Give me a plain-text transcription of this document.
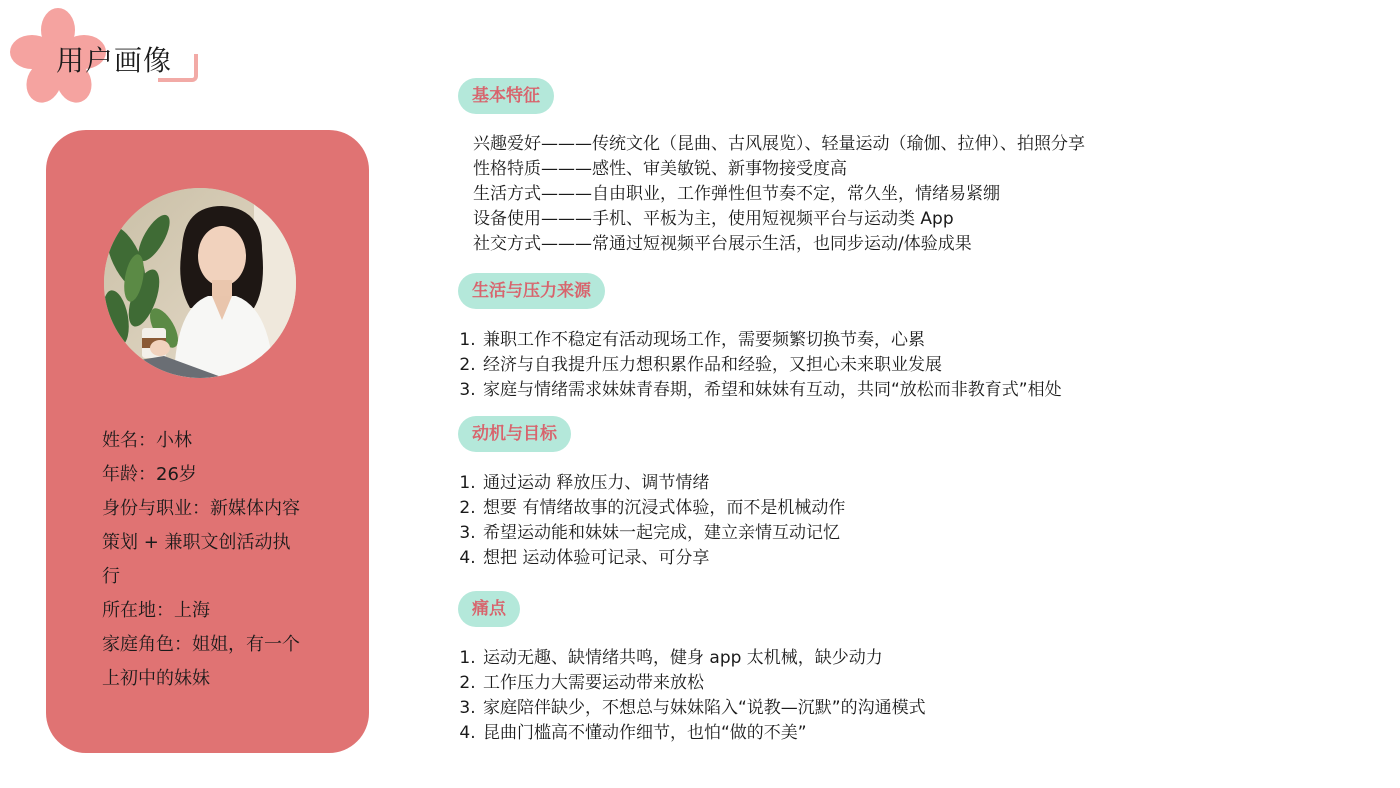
用户画像
姓名：小林
年龄：26岁
身份与职业：新媒体内容
策划 + 兼职文创活动执
行
所在地：上海
家庭角色：姐姐，有一个
上初中的妹妹
基本特征

兴趣爱好———传统文化（昆曲、古风展览）、轻量运动（瑜伽、拉伸）、拍照分享

性格特质———感性、审美敏锐、新事物接受度高

生活方式———自由职业，工作弹性但节奏不定，常久坐，情绪易紧绷

设备使用———手机、平板为主，使用短视频平台与运动类 App

社交方式———常通过短视频平台展示生活，也同步运动/体验成果

生活与压力来源
1. 兼职工作不稳定有活动现场工作，需要频繁切换节奏，心累
2. 经济与自我提升压力想积累作品和经验，又担心未来职业发展
3. 家庭与情绪需求妹妹青春期，希望和妹妹有互动，共同“放松而非教育式”相处
动机与目标
1. 通过运动 释放压力、调节情绪
2. 想要 有情绪故事的沉浸式体验，而不是机械动作
3. 希望运动能和妹妹一起完成，建立亲情互动记忆
4. 想把 运动体验可记录、可分享
痛点
1. 运动无趣、缺情绪共鸣，健身 app 太机械，缺少动力
2. 工作压力大需要运动带来放松
3. 家庭陪伴缺少，不想总与妹妹陷入“说教—沉默”的沟通模式
4. 昆曲门槛高不懂动作细节，也怕“做的不美”
